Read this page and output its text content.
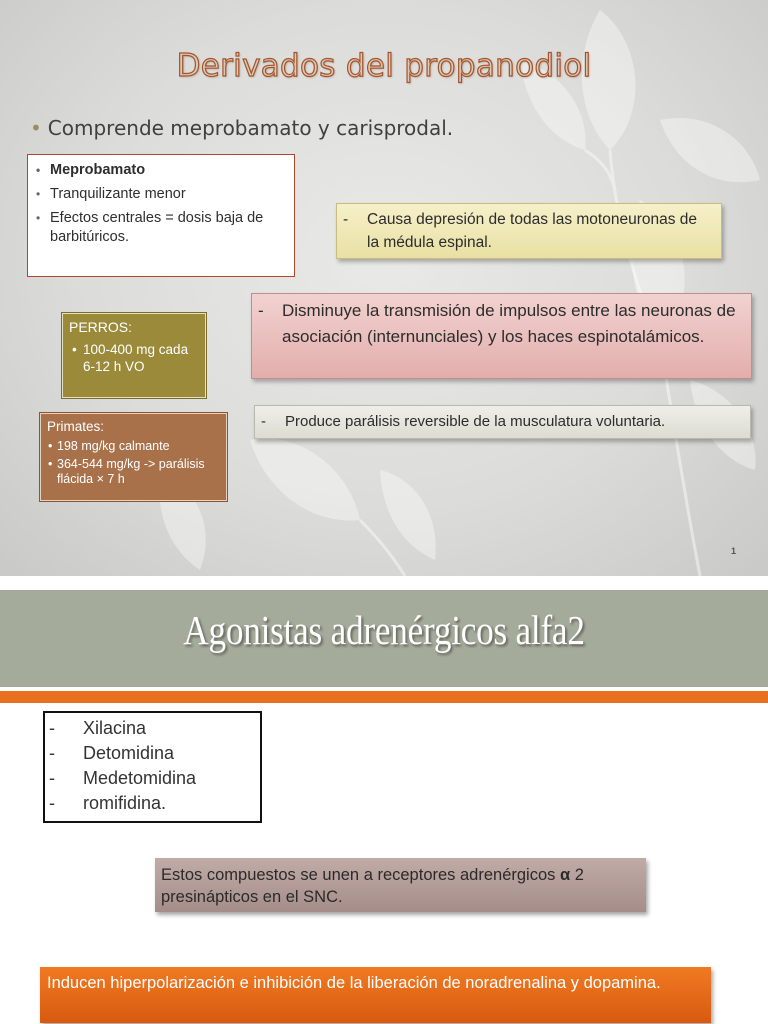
Derivados del propanodiol
• Comprende meprobamato y carisprodal.
• Meprobamato
• Tranquilizante menor
• Efectos centrales = dosis baja de barbitúricos.
-	Causa depresión de todas las motoneuronas de la médula espinal.
-	Disminuye la transmisión de impulsos entre las neuronas de asociación (internunciales) y los haces espinotalámicos.
-	Produce parálisis reversible de la musculatura voluntaria.
PERROS:
• 100-400 mg cada 6-12 h VO
Primates:
• 198 mg/kg calmante
• 364-544 mg/kg -> parálisis flácida × 7 h
1
Agonistas adrenérgicos alfa2
-	Xilacina
-	Detomidina
-	Medetomidina
-	romifidina.
Estos compuestos se unen a receptores adrenérgicos α 2 presinápticos en el SNC.
Inducen hiperpolarización e inhibición de la liberación de noradrenalina y dopamina.
